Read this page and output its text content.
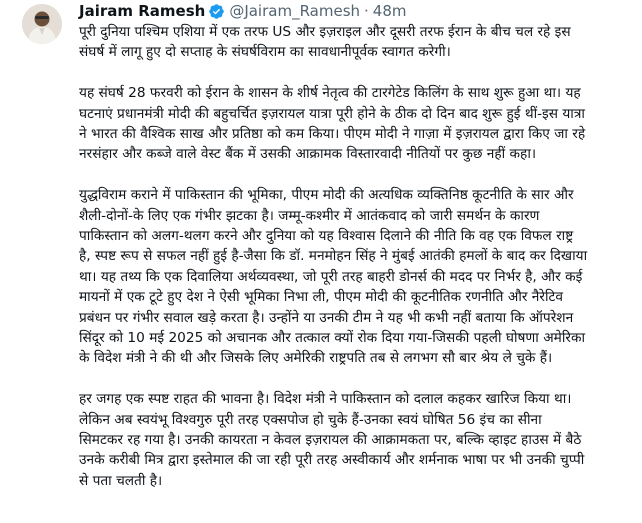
Jairam Ramesh @Jairam_Ramesh · 48m

पूरी दुनिया पश्चिम एशिया में एक तरफ US और इज़राइल और दूसरी तरफ ईरान के बीच चल रहे इस संघर्ष में लागू हुए दो सप्ताह के संघर्षविराम का सावधानीपूर्वक स्वागत करेगी।

यह संघर्ष 28 फरवरी को ईरान के शासन के शीर्ष नेतृत्व की टारगेटेड किलिंग के साथ शुरू हुआ था। यह घटनाएं प्रधानमंत्री मोदी की बहुचर्चित इज़रायल यात्रा पूरी होने के ठीक दो दिन बाद शुरू हुई थीं-इस यात्रा ने भारत की वैश्विक साख और प्रतिष्ठा को कम किया। पीएम मोदी ने गाज़ा में इज़रायल द्वारा किए जा रहे नरसंहार और कब्जे वाले वेस्ट बैंक में उसकी आक्रामक विस्तारवादी नीतियों पर कुछ नहीं कहा।

युद्धविराम कराने में पाकिस्तान की भूमिका, पीएम मोदी की अत्यधिक व्यक्तिनिष्ठ कूटनीति के सार और शैली-दोनों-के लिए एक गंभीर झटका है। जम्मू-कश्मीर में आतंकवाद को जारी समर्थन के कारण पाकिस्तान को अलग-थलग करने और दुनिया को यह विश्वास दिलाने की नीति कि वह एक विफल राष्ट्र है, स्पष्ट रूप से सफल नहीं हुई है-जैसा कि डॉ. मनमोहन सिंह ने मुंबई आतंकी हमलों के बाद कर दिखाया था। यह तथ्य कि एक दिवालिया अर्थव्यवस्था, जो पूरी तरह बाहरी डोनर्स की मदद पर निर्भर है, और कई मायनों में एक टूटे हुए देश ने ऐसी भूमिका निभा ली, पीएम मोदी की कूटनीतिक रणनीति और नैरेटिव प्रबंधन पर गंभीर सवाल खड़े करता है। उन्होंने या उनकी टीम ने यह भी कभी नहीं बताया कि ऑपरेशन सिंदूर को 10 मई 2025 को अचानक और तत्काल क्यों रोक दिया गया-जिसकी पहली घोषणा अमेरिका के विदेश मंत्री ने की थी और जिसके लिए अमेरिकी राष्ट्रपति तब से लगभग सौ बार श्रेय ले चुके हैं।

हर जगह एक स्पष्ट राहत की भावना है। विदेश मंत्री ने पाकिस्तान को दलाल कहकर खारिज किया था। लेकिन अब स्वयंभू विश्वगुरु पूरी तरह एक्सपोज हो चुके हैं-उनका स्वयं घोषित 56 इंच का सीना सिमटकर रह गया है। उनकी कायरता न केवल इज़रायल की आक्रामकता पर, बल्कि व्हाइट हाउस में बैठे उनके करीबी मित्र द्वारा इस्तेमाल की जा रही पूरी तरह अस्वीकार्य और शर्मनाक भाषा पर भी उनकी चुप्पी से पता चलती है।
